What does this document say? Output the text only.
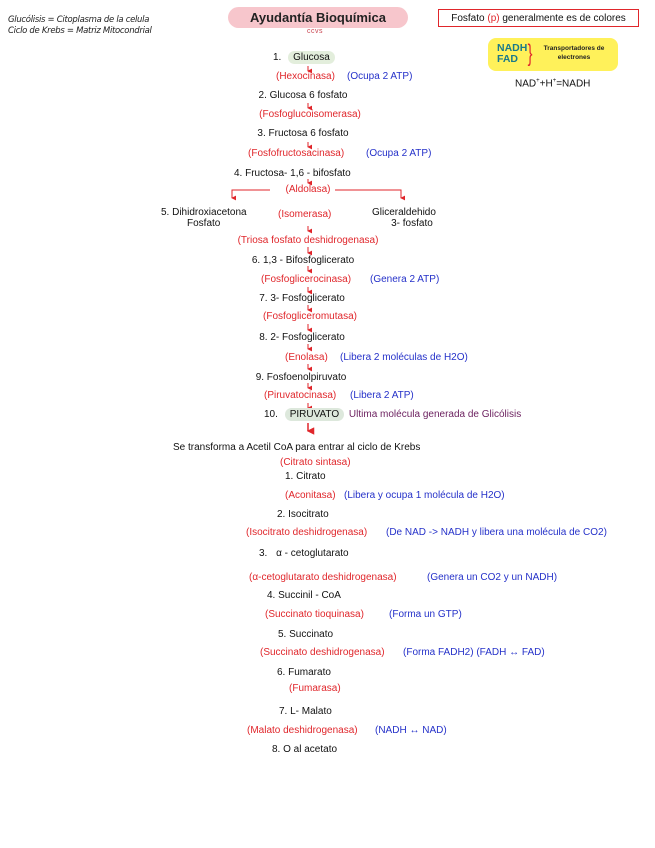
Glucólisis = Citoplasma de la celula
Ciclo de Krebs = Matriz Mitocondrial
Ayudantía Bioquímica
ccvs
Fosfato (p) generalmente es de colores
NADH
FAD }	Transportadores de electrones
NAD++H+=NADH
1. Glucosa
(Hexocinasa) (Ocupa 2 ATP)
2. Glucosa 6 fosfato
(Fosfoglucoisomerasa)
3. Fructosa 6 fosfato
(Fosfofructosacinasa) (Ocupa 2 ATP)
4. Fructosa- 1,6 - bifosfato
(Aldolasa)
5. Dihidroxiacetona
Fosfato
(Isomerasa)	Gliceraldehido
3- fosfato
(Triosa fosfato deshidrogenasa)
6. 1,3 - Bifosfoglicerato
(Fosfoglicerocinasa) (Genera 2 ATP)
7. 3- Fosfoglicerato
(Fosfogliceromutasa)
8. 2- Fosfoglicerato
(Enolasa) (Libera 2 moléculas de H2O)
9. Fosfoenolpiruvato
(Piruvatocinasa) (Libera 2 ATP)
10. PIRUVATO Ultima molécula generada de Glicólisis
Se transforma a Acetil CoA para entrar al ciclo de Krebs
(Citrato sintasa)
1. Citrato
(Aconitasa) (Libera y ocupa 1 molécula de H2O)
2. Isocitrato
(Isocitrato deshidrogenasa) (De NAD -> NADH y libera una molécula de CO2)
3. α - cetoglutarato
(α-cetoglutarato deshidrogenasa)	(Genera un CO2 y un NADH)
4. Succinil - CoA
(Succinato tioquinasa)	(Forma un GTP)
5. Succinato
(Succinato deshidrogenasa) (Forma FADH2) (FADH ↔ FAD)
6. Fumarato
(Fumarasa)
7. L- Malato
(Malato deshidrogenasa) (NADH ↔ NAD)
8. O al acetato
